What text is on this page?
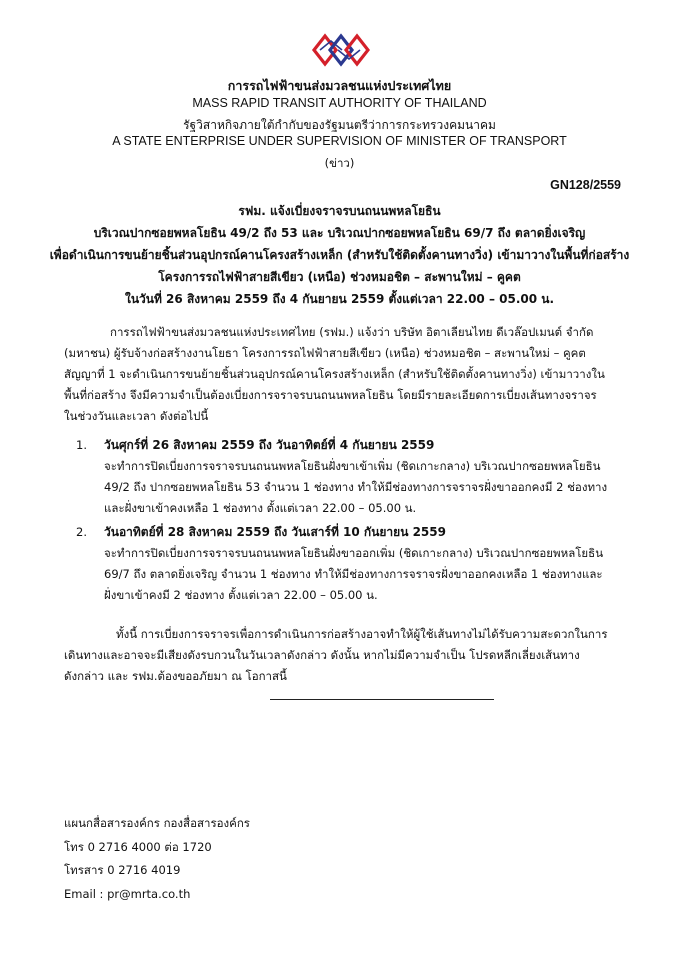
การรถไฟฟ้าขนส่งมวลชนแห่งประเทศไทย
MASS RAPID TRANSIT AUTHORITY OF THAILAND
รัฐวิสาหกิจภายใต้กำกับของรัฐมนตรีว่าการกระทรวงคมนาคม
A STATE ENTERPRISE UNDER SUPERVISION OF MINISTER OF TRANSPORT
(ข่าว)
GN128/2559
รฟม. แจ้งเบี่ยงจราจรบนถนนพหลโยธิน
บริเวณปากซอยพหลโยธิน 49/2 ถึง 53 และ บริเวณปากซอยพหลโยธิน 69/7 ถึง ตลาดยิ่งเจริญ
เพื่อดำเนินการขนย้ายชิ้นส่วนอุปกรณ์คานโครงสร้างเหล็ก (สำหรับใช้ติดตั้งคานทางวิ่ง) เข้ามาวางในพื้นที่ก่อสร้าง
โครงการรถไฟฟ้าสายสีเขียว (เหนือ) ช่วงหมอชิต – สะพานใหม่ – คูคต
ในวันที่ 26 สิงหาคม 2559 ถึง 4 กันยายน 2559 ตั้งแต่เวลา 22.00 – 05.00 น.
การรถไฟฟ้าขนส่งมวลชนแห่งประเทศไทย (รฟม.) แจ้งว่า บริษัท อิตาเลียนไทย ดีเวล๊อปเมนต์ จำกัด
(มหาชน) ผู้รับจ้างก่อสร้างงานโยธา โครงการรถไฟฟ้าสายสีเขียว (เหนือ) ช่วงหมอชิต – สะพานใหม่ – คูคต
สัญญาที่ 1 จะดำเนินการขนย้ายชิ้นส่วนอุปกรณ์คานโครงสร้างเหล็ก (สำหรับใช้ติดตั้งคานทางวิ่ง) เข้ามาวางใน
พื้นที่ก่อสร้าง จึงมีความจำเป็นต้องเบี่ยงการจราจรบนถนนพหลโยธิน โดยมีรายละเอียดการเบี่ยงเส้นทางจราจร
ในช่วงวันและเวลา ดังต่อไปนี้
1. วันศุกร์ที่ 26 สิงหาคม 2559 ถึง วันอาทิตย์ที่ 4 กันยายน 2559
จะทำการปิดเบี่ยงการจราจรบนถนนพหลโยธินฝั่งขาเข้าเพิ่ม (ชิดเกาะกลาง) บริเวณปากซอยพหลโยธิน
49/2 ถึง ปากซอยพหลโยธิน 53 จำนวน 1 ช่องทาง ทำให้มีช่องทางการจราจรฝั่งขาออกคงมี 2 ช่องทาง
และฝั่งขาเข้าคงเหลือ 1 ช่องทาง ตั้งแต่เวลา 22.00 – 05.00 น.
2. วันอาทิตย์ที่ 28 สิงหาคม 2559 ถึง วันเสาร์ที่ 10 กันยายน 2559
จะทำการปิดเบี่ยงการจราจรบนถนนพหลโยธินฝั่งขาออกเพิ่ม (ชิดเกาะกลาง) บริเวณปากซอยพหลโยธิน
69/7 ถึง ตลาดยิ่งเจริญ จำนวน 1 ช่องทาง ทำให้มีช่องทางการจราจรฝั่งขาออกคงเหลือ 1 ช่องทางและ
ฝั่งขาเข้าคงมี 2 ช่องทาง ตั้งแต่เวลา 22.00 – 05.00 น.
ทั้งนี้ การเบี่ยงการจราจรเพื่อการดำเนินการก่อสร้างอาจทำให้ผู้ใช้เส้นทางไม่ได้รับความสะดวกในการ
เดินทางและอาจจะมีเสียงดังรบกวนในวันเวลาดังกล่าว ดังนั้น หากไม่มีความจำเป็น โปรดหลีกเลี่ยงเส้นทาง
ดังกล่าว และ รฟม.ต้องขออภัยมา ณ โอกาสนี้
แผนกสื่อสารองค์กร กองสื่อสารองค์กร
โทร 0 2716 4000 ต่อ 1720
โทรสาร 0 2716 4019
Email : pr@mrta.co.th
